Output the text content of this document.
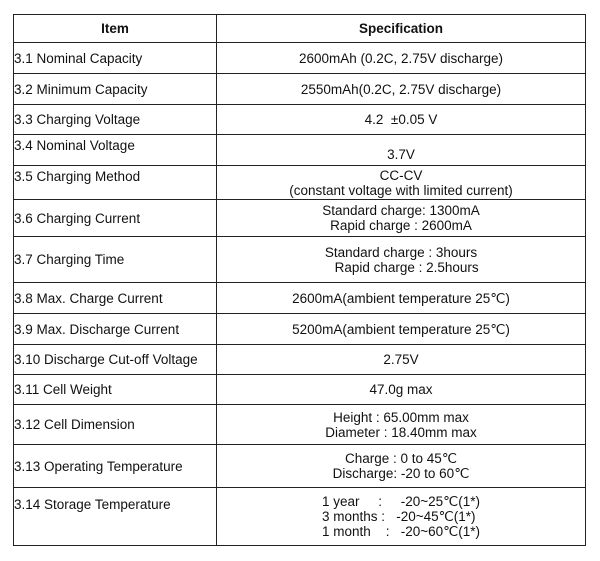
Item	Specification
3.1 Nominal Capacity	2600mAh (0.2C, 2.75V discharge)

3.2 Minimum Capacity	2550mAh(0.2C, 2.75V discharge)

3.3 Charging Voltage	4.2  ±0.05 V

3.4 Nominal Voltage	3.7V

3.5 Charging Method	CC-CV
(constant voltage with limited current)

3.6 Charging Current	Standard charge: 1300mA
Rapid charge : 2600mA

3.7 Charging Time	Standard charge : 3hours
Rapid charge : 2.5hours

3.8 Max. Charge Current	2600mA(ambient temperature 25℃)

3.9 Max. Discharge Current	5200mA(ambient temperature 25℃)

3.10 Discharge Cut-off Voltage	2.75V

3.11 Cell Weight	47.0g max

3.12 Cell Dimension	Height : 65.00mm max
Diameter : 18.40mm max

3.13 Operating Temperature	Charge : 0 to 45℃
Discharge: -20 to 60℃

3.14 Storage Temperature	1 year     :     -20~25℃(1*)
3 months :   -20~45℃(1*)
1 month    :   -20~60℃(1*)
